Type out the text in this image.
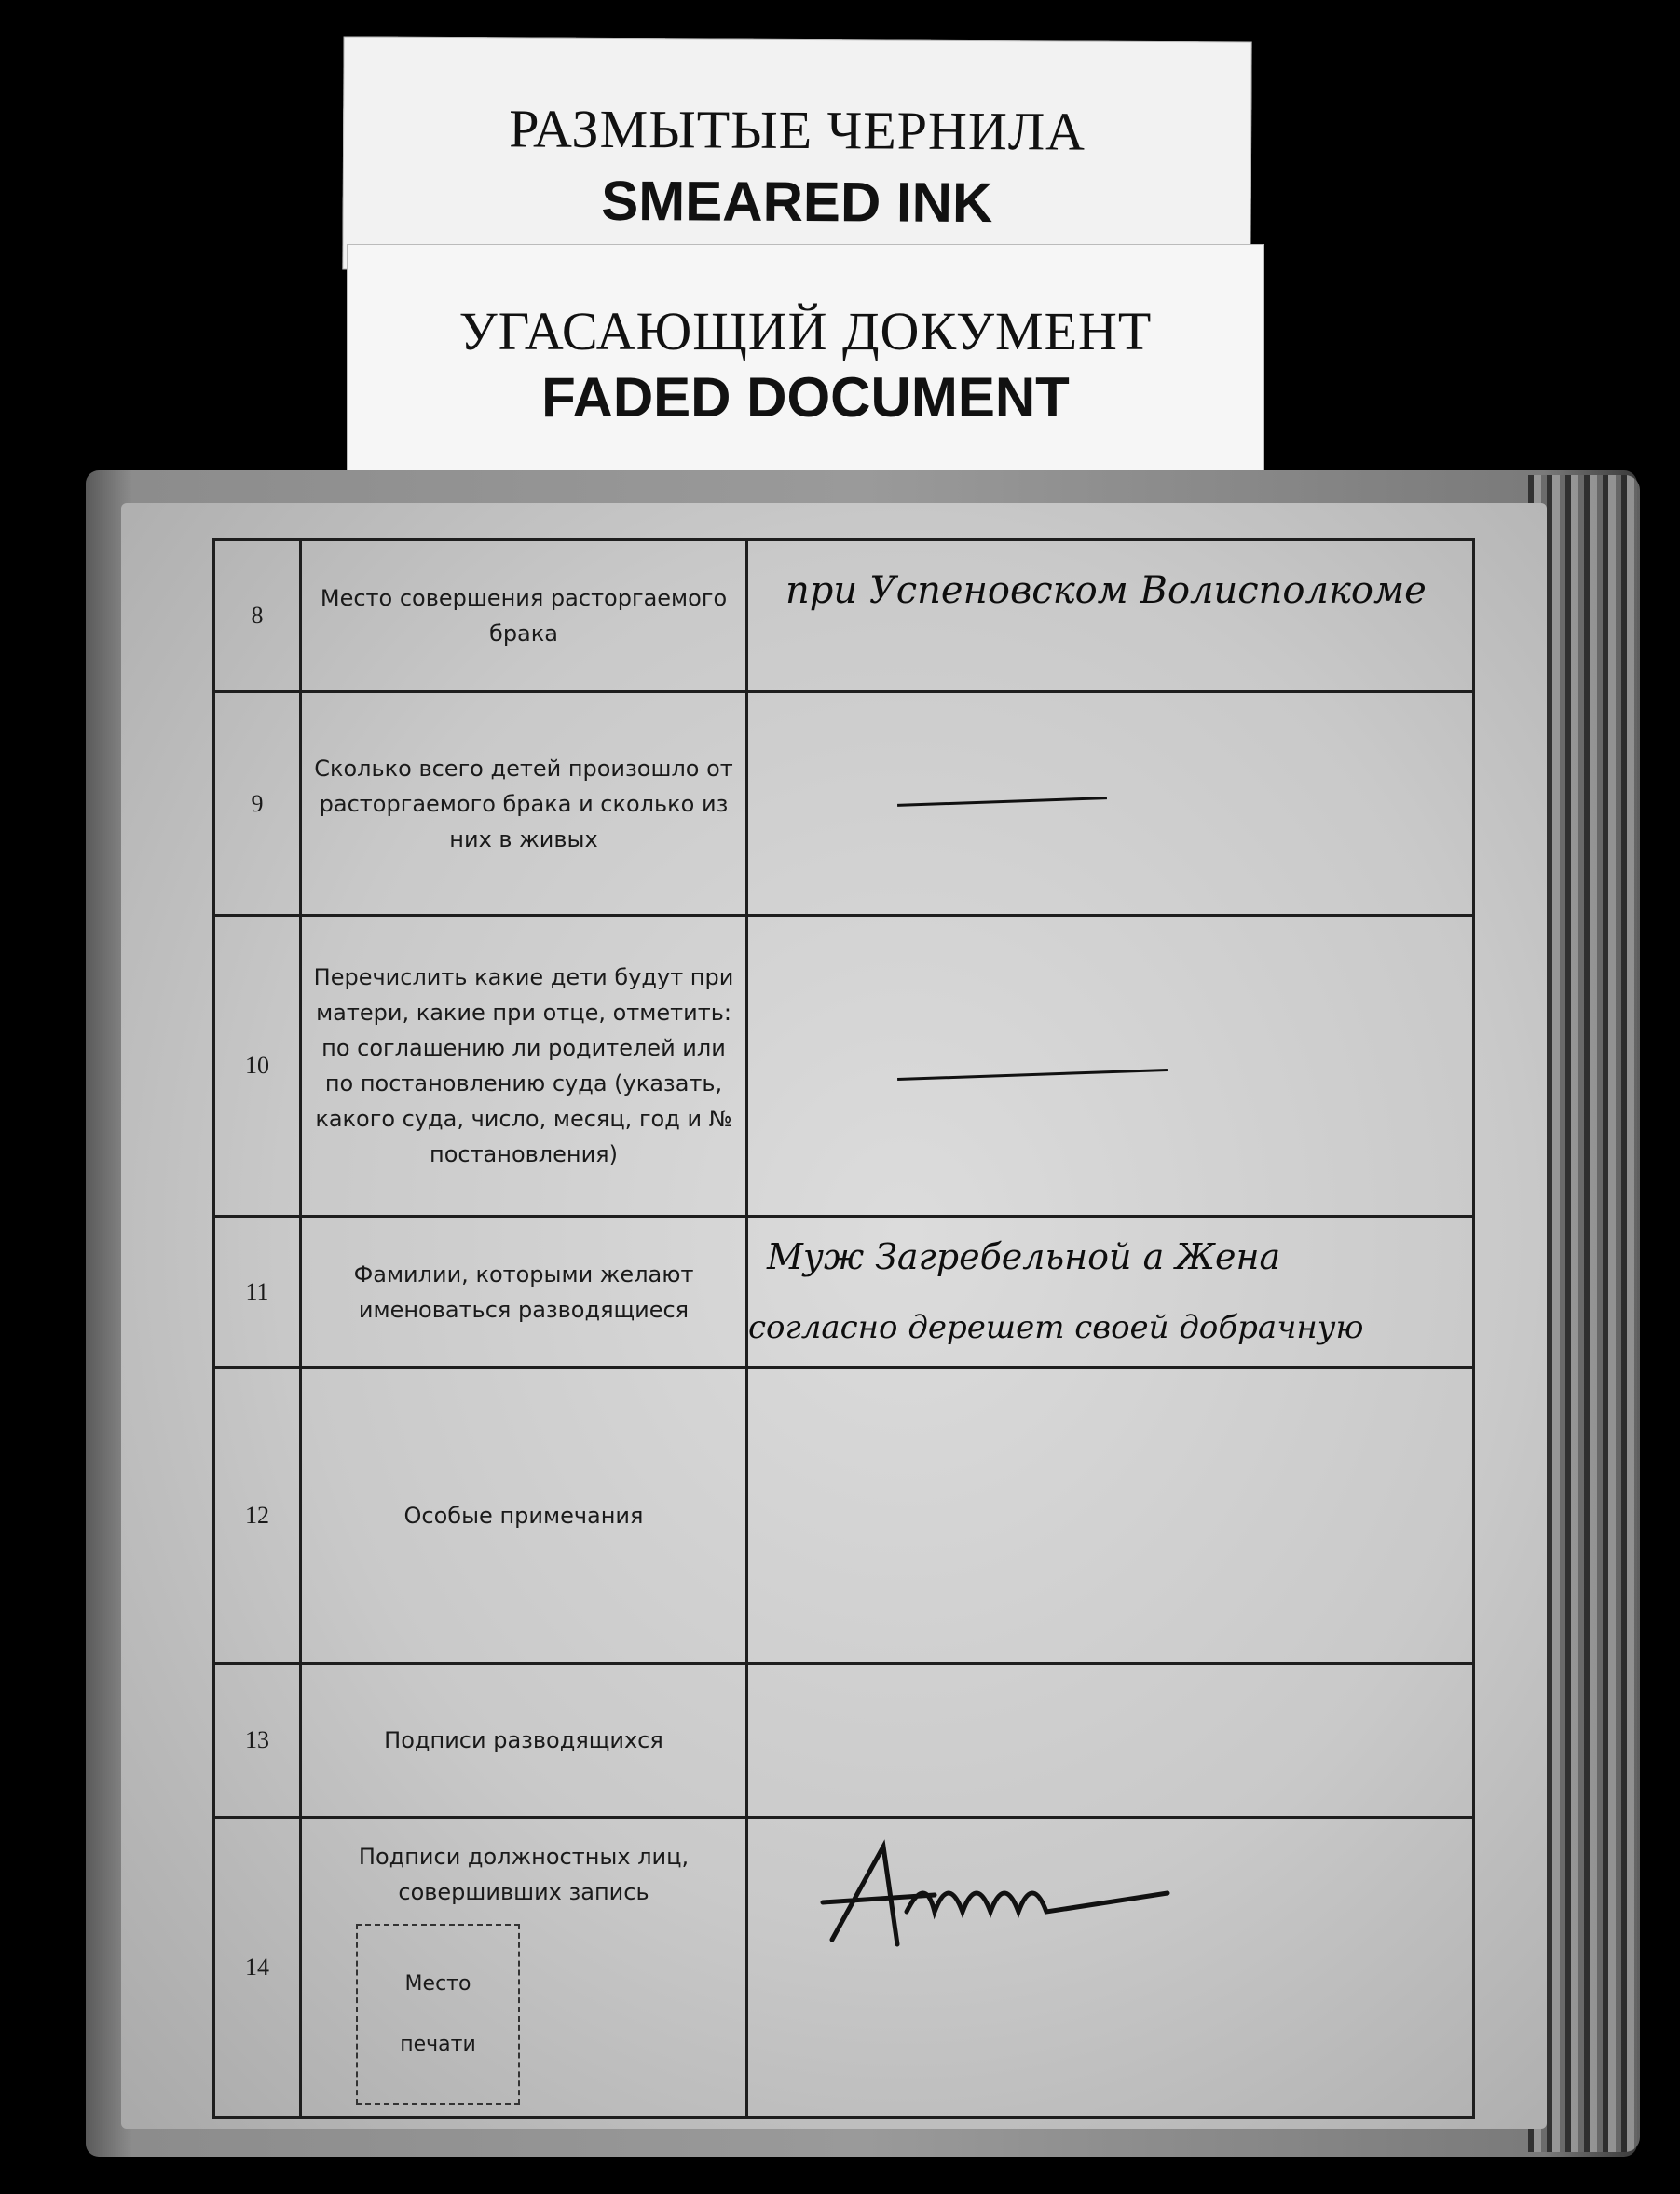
РАЗМЫТЫЕ ЧЕРНИЛА
SMEARED INK
УГАСАЮЩИЙ ДОКУМЕНТ
FADED DOCUMENT
8	Место совершения расторгаемого брака	при Успеновском Волисполкоме

9	Сколько всего детей произошло от расторгаемого брака и сколько из них в живых	

10	Перечислить какие дети будут при матери, какие при отце, отметить: по соглашению ли родителей или по постановлению суда (указать, какого суда, число, месяц, год и № постановления)	

11	Фамилии, которыми желают именоваться разводящиеся	Муж Загребельной а Жена
согласно дерешет своей добрачную

12	Особые примечания	
13	Подписи разводящихся	
14	Подписи должностных лиц, совершивших запись	
Место
печати
